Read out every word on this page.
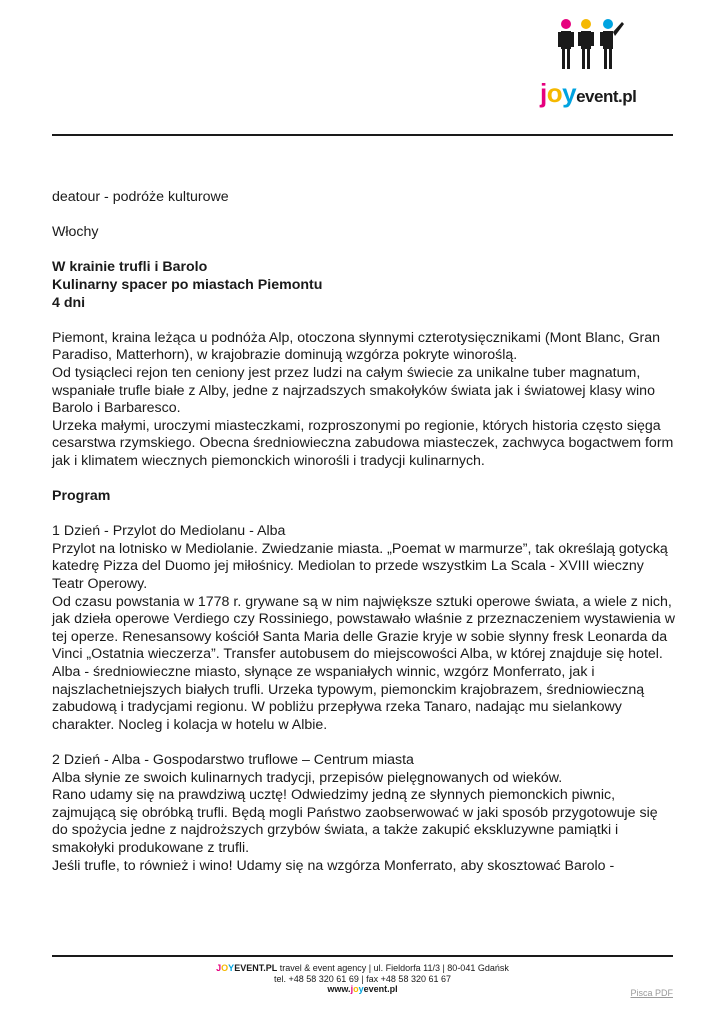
joyevent.pl

deatour - podróże kulturowe

Włochy

W krainie trufli i Barolo
Kulinarny spacer po miastach Piemontu
4 dni

Piemont, kraina leżąca u podnóża Alp, otoczona słynnymi czterotysięcznikami (Mont Blanc, Gran Paradiso, Matterhorn), w krajobrazie dominują wzgórza pokryte winoroślą.
Od tysiącleci rejon ten ceniony jest przez ludzi na całym świecie za unikalne tuber magnatum, wspaniałe trufle białe z Alby, jedne z najrzadszych smakołyków świata jak i światowej klasy wino Barolo i Barbaresco.
Urzeka małymi, uroczymi miasteczkami, rozproszonymi po regionie, których historia często sięga cesarstwa rzymskiego. Obecna średniowieczna zabudowa miasteczek, zachwyca bogactwem form jak i klimatem wiecznych piemonckich winorośli i tradycji kulinarnych.

Program

1 Dzień - Przylot do Mediolanu - Alba
Przylot na lotnisko w Mediolanie. Zwiedzanie miasta. „Poemat w marmurze”, tak określają gotycką katedrę Pizza del Duomo jej miłośnicy. Mediolan to przede wszystkim La Scala - XVIII wieczny Teatr Operowy.
Od czasu powstania w 1778 r. grywane są w nim największe sztuki operowe świata, a wiele z nich, jak dzieła operowe Verdiego czy Rossiniego, powstawało właśnie z przeznaczeniem wystawienia w tej operze. Renesansowy kościół Santa Maria delle Grazie kryje w sobie słynny fresk Leonarda da Vinci „Ostatnia wieczerza”. Transfer autobusem do miejscowości Alba, w której znajduje się hotel. Alba - średniowieczne miasto, słynące ze wspaniałych winnic, wzgórz Monferrato, jak i najszlachetniejszych białych trufli. Urzeka typowym, piemonckim krajobrazem, średniowieczną zabudową i tradycjami regionu. W pobliżu przepływa rzeka Tanaro, nadając mu sielankowy charakter. Nocleg i kolacja w hotelu w Albie.

2 Dzień - Alba - Gospodarstwo truflowe – Centrum miasta
Alba słynie ze swoich kulinarnych tradycji, przepisów pielęgnowanych od wieków.
Rano udamy się na prawdziwą ucztę! Odwiedzimy jedną ze słynnych piemonckich piwnic, zajmującą się obróbką trufli. Będą mogli Państwo zaobserwować w jaki sposób przygotowuje się do spożycia jedne z najdroższych grzybów świata, a także zakupić ekskluzywne pamiątki i smakołyki produkowane z trufli.
Jeśli trufle, to również i wino! Udamy się na wzgórza Monferrato, aby skosztować Barolo -

JOYEVENT.PL travel & event agency | ul. Fieldorfa 11/3 | 80-041 Gdańsk
tel. +48 58 320 61 69 | fax +48 58 320 61 67
www.joyevent.pl	Pisca PDF
